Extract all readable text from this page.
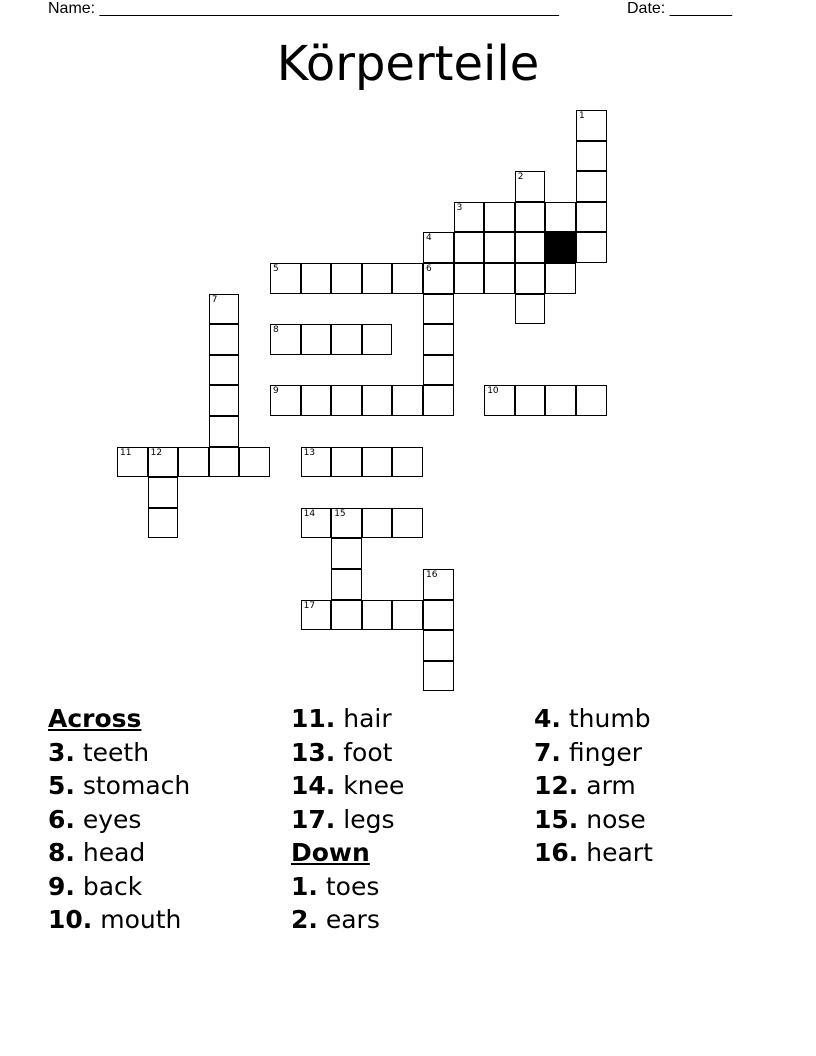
Name: ______________________________________________________	Date: _______
Körperteile
1
2
3
4
5	6
7
8
9	10
11 12	13
14 15
16
17
Across
3. teeth
5. stomach
6. eyes
8. head
9. back
10. mouth
11. hair
13. foot
14. knee
17. legs
Down
1. toes
2. ears
4. thumb
7. finger
12. arm
15. nose
16. heart
